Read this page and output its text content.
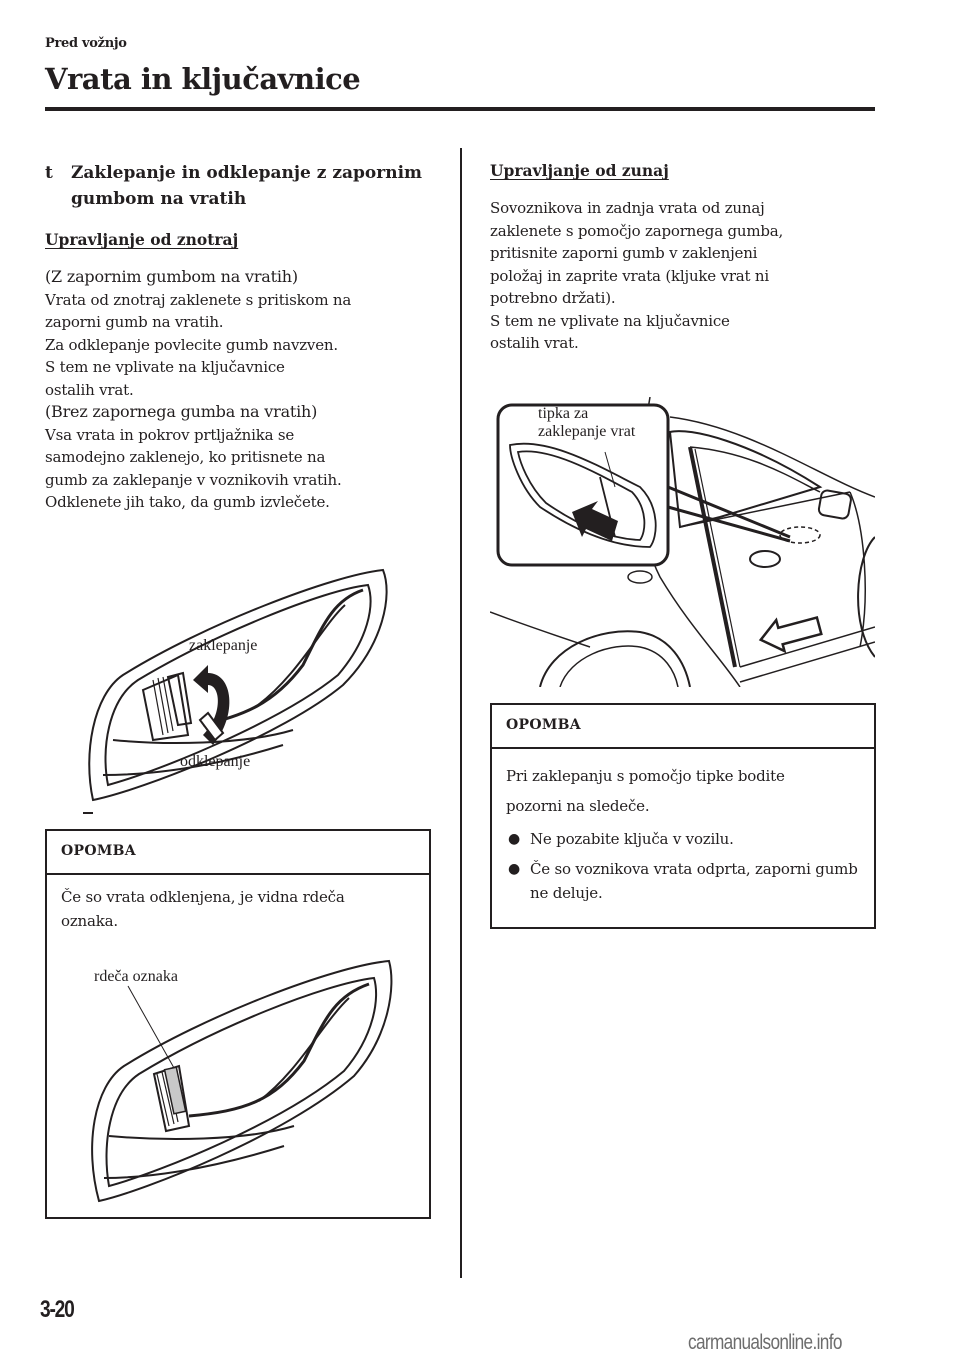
Pred vožnjo
Vrata in ključavnice
t Zaklepanje in odklepanje z zapornim gumbom na vratih
Upravljanje od znotraj

(Z zapornim gumbom na vratih)

Vrata od znotraj zaklenete s pritiskom na

zaporni gumb na vratih.

Za odklepanje povlecite gumb navzven.

S tem ne vplivate na ključavnice

ostalih vrat.

(Brez zapornega gumba na vratih)

Vsa vrata in pokrov prtljažnika se

samodejno zaklenejo, ko pritisnete na

gumb za zaklepanje v voznikovih vratih.

Odklenete jih tako, da gumb izvlečete.

zaklepanje
odklepanje
OPOMBA

Če so vrata odklenjena, je vidna rdeča

oznaka.

rdeča oznaka
Upravljanje od zunaj

Sovoznikova in zadnja vrata od zunaj

zaklenete s pomočjo zapornega gumba,

pritisnite zaporni gumb v zaklenjeni

položaj in zaprite vrata (kljuke vrat ni

potrebno držati).

S tem ne vplivate na ključavnice

ostalih vrat.

tipka za
zaklepanje vrat
OPOMBA

Pri zaklepanju s pomočjo tipke bodite

pozorni na sledeče.

● Ne pozabite ključa v vozilu.
● Če so voznikova vrata odprta, zaporni gumb ne deluje.
3-20
carmanualsonline.info
